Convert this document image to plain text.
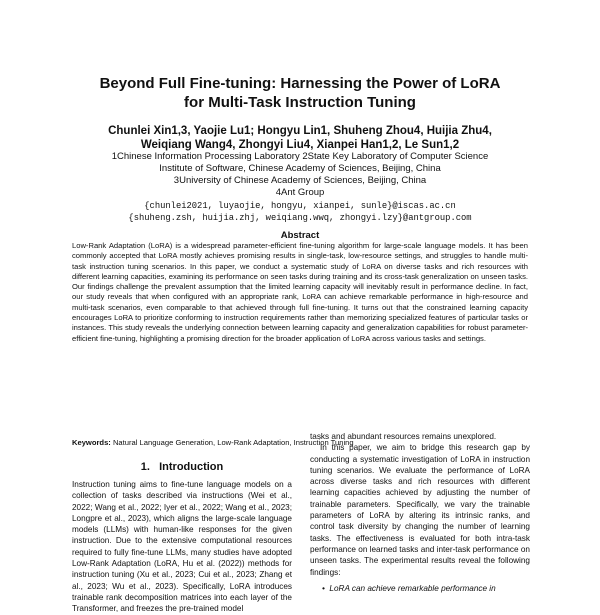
Beyond Full Fine-tuning: Harnessing the Power of LoRA
for Multi-Task Instruction Tuning
Chunlei Xin1,3, Yaojie Lu1; Hongyu Lin1, Shuheng Zhou4, Huijia Zhu4,
Weiqiang Wang4, Zhongyi Liu4, Xianpei Han1,2, Le Sun1,2
1Chinese Information Processing Laboratory 2State Key Laboratory of Computer Science
Institute of Software, Chinese Academy of Sciences, Beijing, China
3University of Chinese Academy of Sciences, Beijing, China
4Ant Group
{chunlei2021, luyaojie, hongyu, xianpei, sunle}@iscas.ac.cn
{shuheng.zsh, huijia.zhj, weiqiang.wwq, zhongyi.lzy}@antgroup.com
Abstract
Low-Rank Adaptation (LoRA) is a widespread parameter-efficient fine-tuning algorithm for large-scale language models. It has been commonly accepted that LoRA mostly achieves promising results in single-task, low-resource settings, and struggles to handle multi-task instruction tuning scenarios. In this paper, we conduct a systematic study of LoRA on diverse tasks and rich resources with different learning capacities, examining its performance on seen tasks during training and its cross-task generalization on unseen tasks. Our findings challenge the prevalent assumption that the limited learning capacity will inevitably result in performance decline. In fact, our study reveals that when configured with an appropriate rank, LoRA can achieve remarkable performance in high-resource and multi-task scenarios, even comparable to that achieved through full fine-tuning. It turns out that the constrained learning capacity encourages LoRA to prioritize conforming to instruction requirements rather than memorizing specialized features of particular tasks or instances. This study reveals the underlying connection between learning capacity and generalization capabilities for robust parameter-efficient fine-tuning, highlighting a promising direction for the broader application of LoRA across various tasks and settings.
Keywords: Natural Language Generation, Low-Rank Adaptation, Instruction Tuning
1. Introduction
Instruction tuning aims to fine-tune language models on a collection of tasks described via instructions (Wei et al., 2022; Wang et al., 2022; Iyer et al., 2022; Wang et al., 2023; Longpre et al., 2023), which aligns the large-scale language models (LLMs) with human-like responses for the given instruction. Due to the extensive computational resources required to fully fine-tune LLMs, many studies have adopted Low-Rank Adaptation (LoRA, Hu et al. (2022)) methods for instruction tuning (Xu et al., 2023; Cui et al., 2023; Zhang et al., 2023; Wu et al., 2023). Specifically, LoRA introduces trainable rank decomposition matrices into each layer of the Transformer, and freezes the pre-trained model
tasks and abundant resources remains unexplored.
In this paper, we aim to bridge this research gap by conducting a systematic investigation of LoRA in instruction tuning scenarios. We evaluate the performance of LoRA across diverse tasks and rich resources with different learning capacities achieved by adjusting the number of trainable parameters. Specifically, we vary the trainable parameters of LoRA by altering its intrinsic ranks, and control task diversity by changing the number of learning tasks. The effectiveness is evaluated for both intra-task performance on learned tasks and inter-task performance on unseen tasks. The experimental results reveal the following findings:
•  LoRA can achieve remarkable performance in
